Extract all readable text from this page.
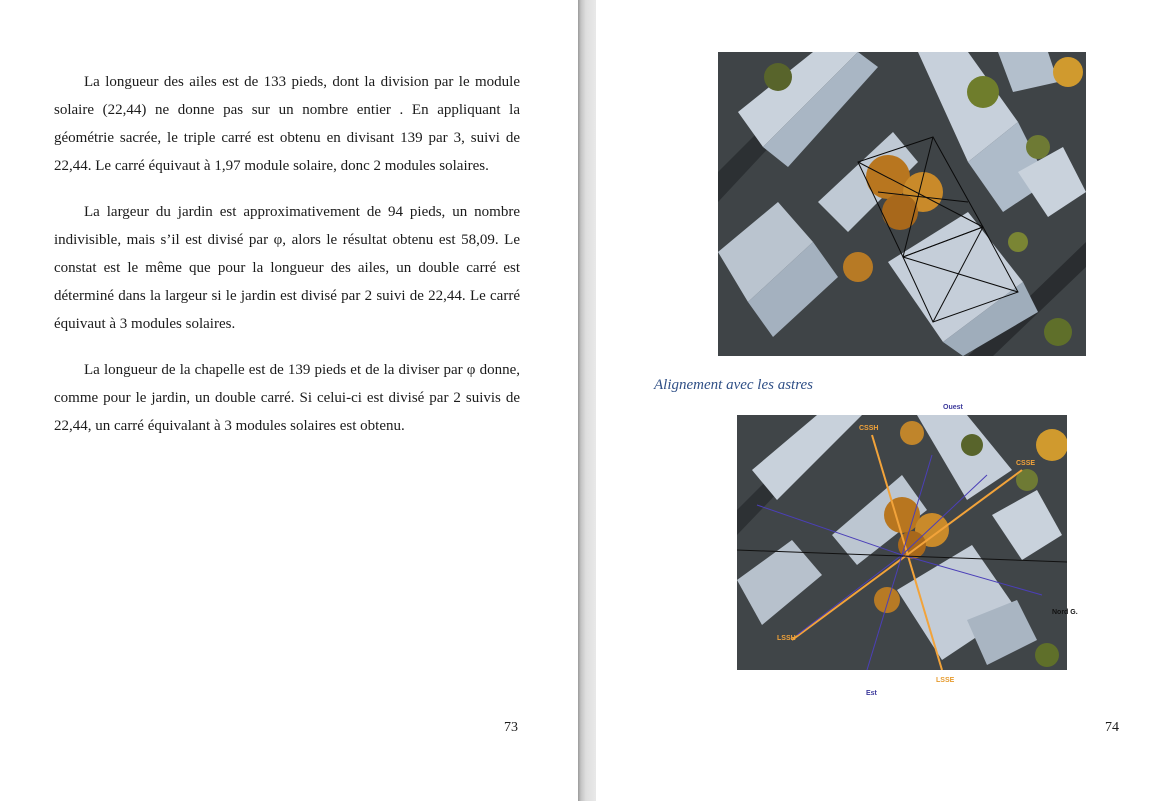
La longueur des ailes est de 133 pieds, dont la division par le module solaire (22,44) ne donne pas sur un nombre entier . En appliquant la géométrie sacrée, le triple carré est obtenu en divisant 139 par 3, suivi de 22,44. Le carré équivaut à 1,97 module solaire, donc 2 modules solaires.

La largeur du jardin est approximativement de 94 pieds, un nombre indivisible, mais s’il est divisé par φ, alors le résultat obtenu est 58,09. Le constat est le même que pour la longueur des ailes, un double carré est déterminé dans la largeur si le jardin est divisé par 2 suivi de 22,44. Le carré équivaut à 3 modules solaires.

La longueur de la chapelle est de 139 pieds et de la diviser par φ donne, comme pour le jardin, un double carré. Si celui-ci est divisé par 2 suivis de 22,44, un carré équivalant à 3 modules solaires est obtenu.

73
Alignement avec les astres
Ouest
Est
Nord G.
LSSE
CSSH
CSSE
LSSH
74
